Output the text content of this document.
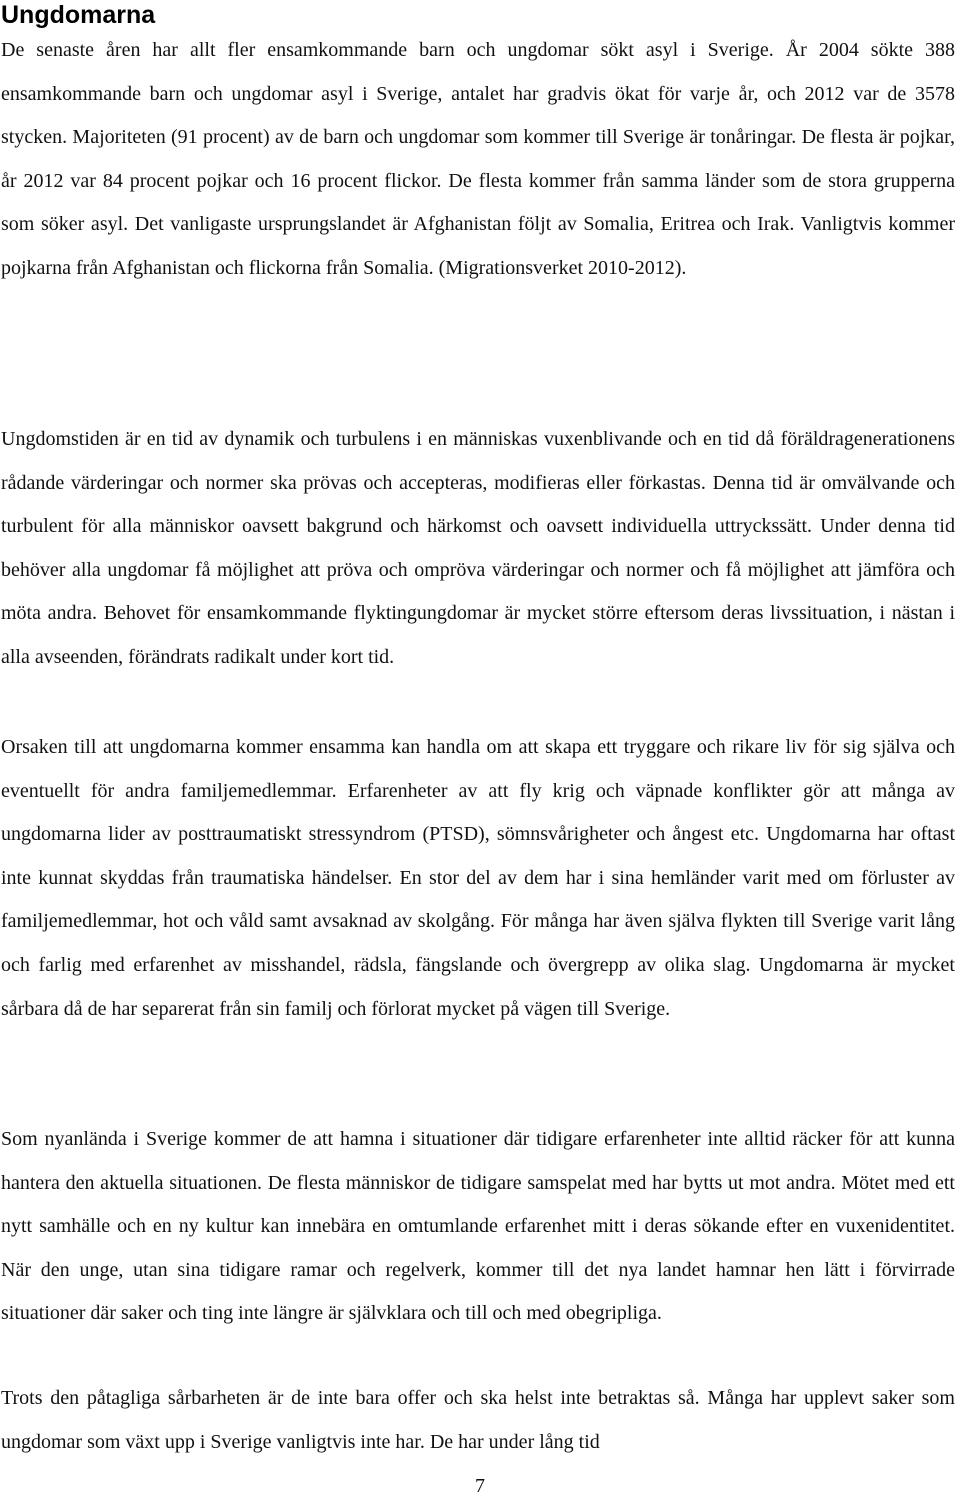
Ungdomarna

De senaste åren har allt fler ensamkommande barn och ungdomar sökt asyl i Sverige. År 2004 sökte 388 ensamkommande barn och ungdomar asyl i Sverige, antalet har gradvis ökat för varje år, och 2012 var de 3578 stycken. Majoriteten (91 procent) av de barn och ungdomar som kommer till Sverige är tonåringar. De flesta är pojkar, år 2012 var 84 procent pojkar och 16 procent flickor. De flesta kommer från samma länder som de stora grupperna som söker asyl. Det vanligaste ursprungslandet är Afghanistan följt av Somalia, Eritrea och Irak. Vanligtvis kommer pojkarna från Afghanistan och flickorna från Somalia. (Migrationsverket 2010-2012).

Ungdomstiden är en tid av dynamik och turbulens i en människas vuxenblivande och en tid då föräldragenerationens rådande värderingar och normer ska prövas och accepteras, modifieras eller förkastas. Denna tid är omvälvande och turbulent för alla människor oavsett bakgrund och härkomst och oavsett individuella uttryckssätt. Under denna tid behöver alla ungdomar få möjlighet att pröva och ompröva värderingar och normer och få möjlighet att jämföra och möta andra. Behovet för ensamkommande flyktingungdomar är mycket större eftersom deras livssituation, i nästan i alla avseenden, förändrats radikalt under kort tid.

Orsaken till att ungdomarna kommer ensamma kan handla om att skapa ett tryggare och rikare liv för sig själva och eventuellt för andra familjemedlemmar. Erfarenheter av att fly krig och väpnade konflikter gör att många av ungdomarna lider av posttraumatiskt stressyndrom (PTSD), sömnsvårigheter och ångest etc. Ungdomarna har oftast inte kunnat skyddas från traumatiska händelser. En stor del av dem har i sina hemländer varit med om förluster av familjemedlemmar, hot och våld samt avsaknad av skolgång. För många har även själva flykten till Sverige varit lång och farlig med erfarenhet av misshandel, rädsla, fängslande och övergrepp av olika slag. Ungdomarna är mycket sårbara då de har separerat från sin familj och förlorat mycket på vägen till Sverige.

Som nyanlända i Sverige kommer de att hamna i situationer där tidigare erfarenheter inte alltid räcker för att kunna hantera den aktuella situationen. De flesta människor de tidigare samspelat med har bytts ut mot andra. Mötet med ett nytt samhälle och en ny kultur kan innebära en omtumlande erfarenhet mitt i deras sökande efter en vuxenidentitet. När den unge, utan sina tidigare ramar och regelverk, kommer till det nya landet hamnar hen lätt i förvirrade situationer där saker och ting inte längre är självklara och till och med obegripliga.

Trots den påtagliga sårbarheten är de inte bara offer och ska helst inte betraktas så. Många har upplevt saker som ungdomar som växt upp i Sverige vanligtvis inte har. De har under lång tid

7
